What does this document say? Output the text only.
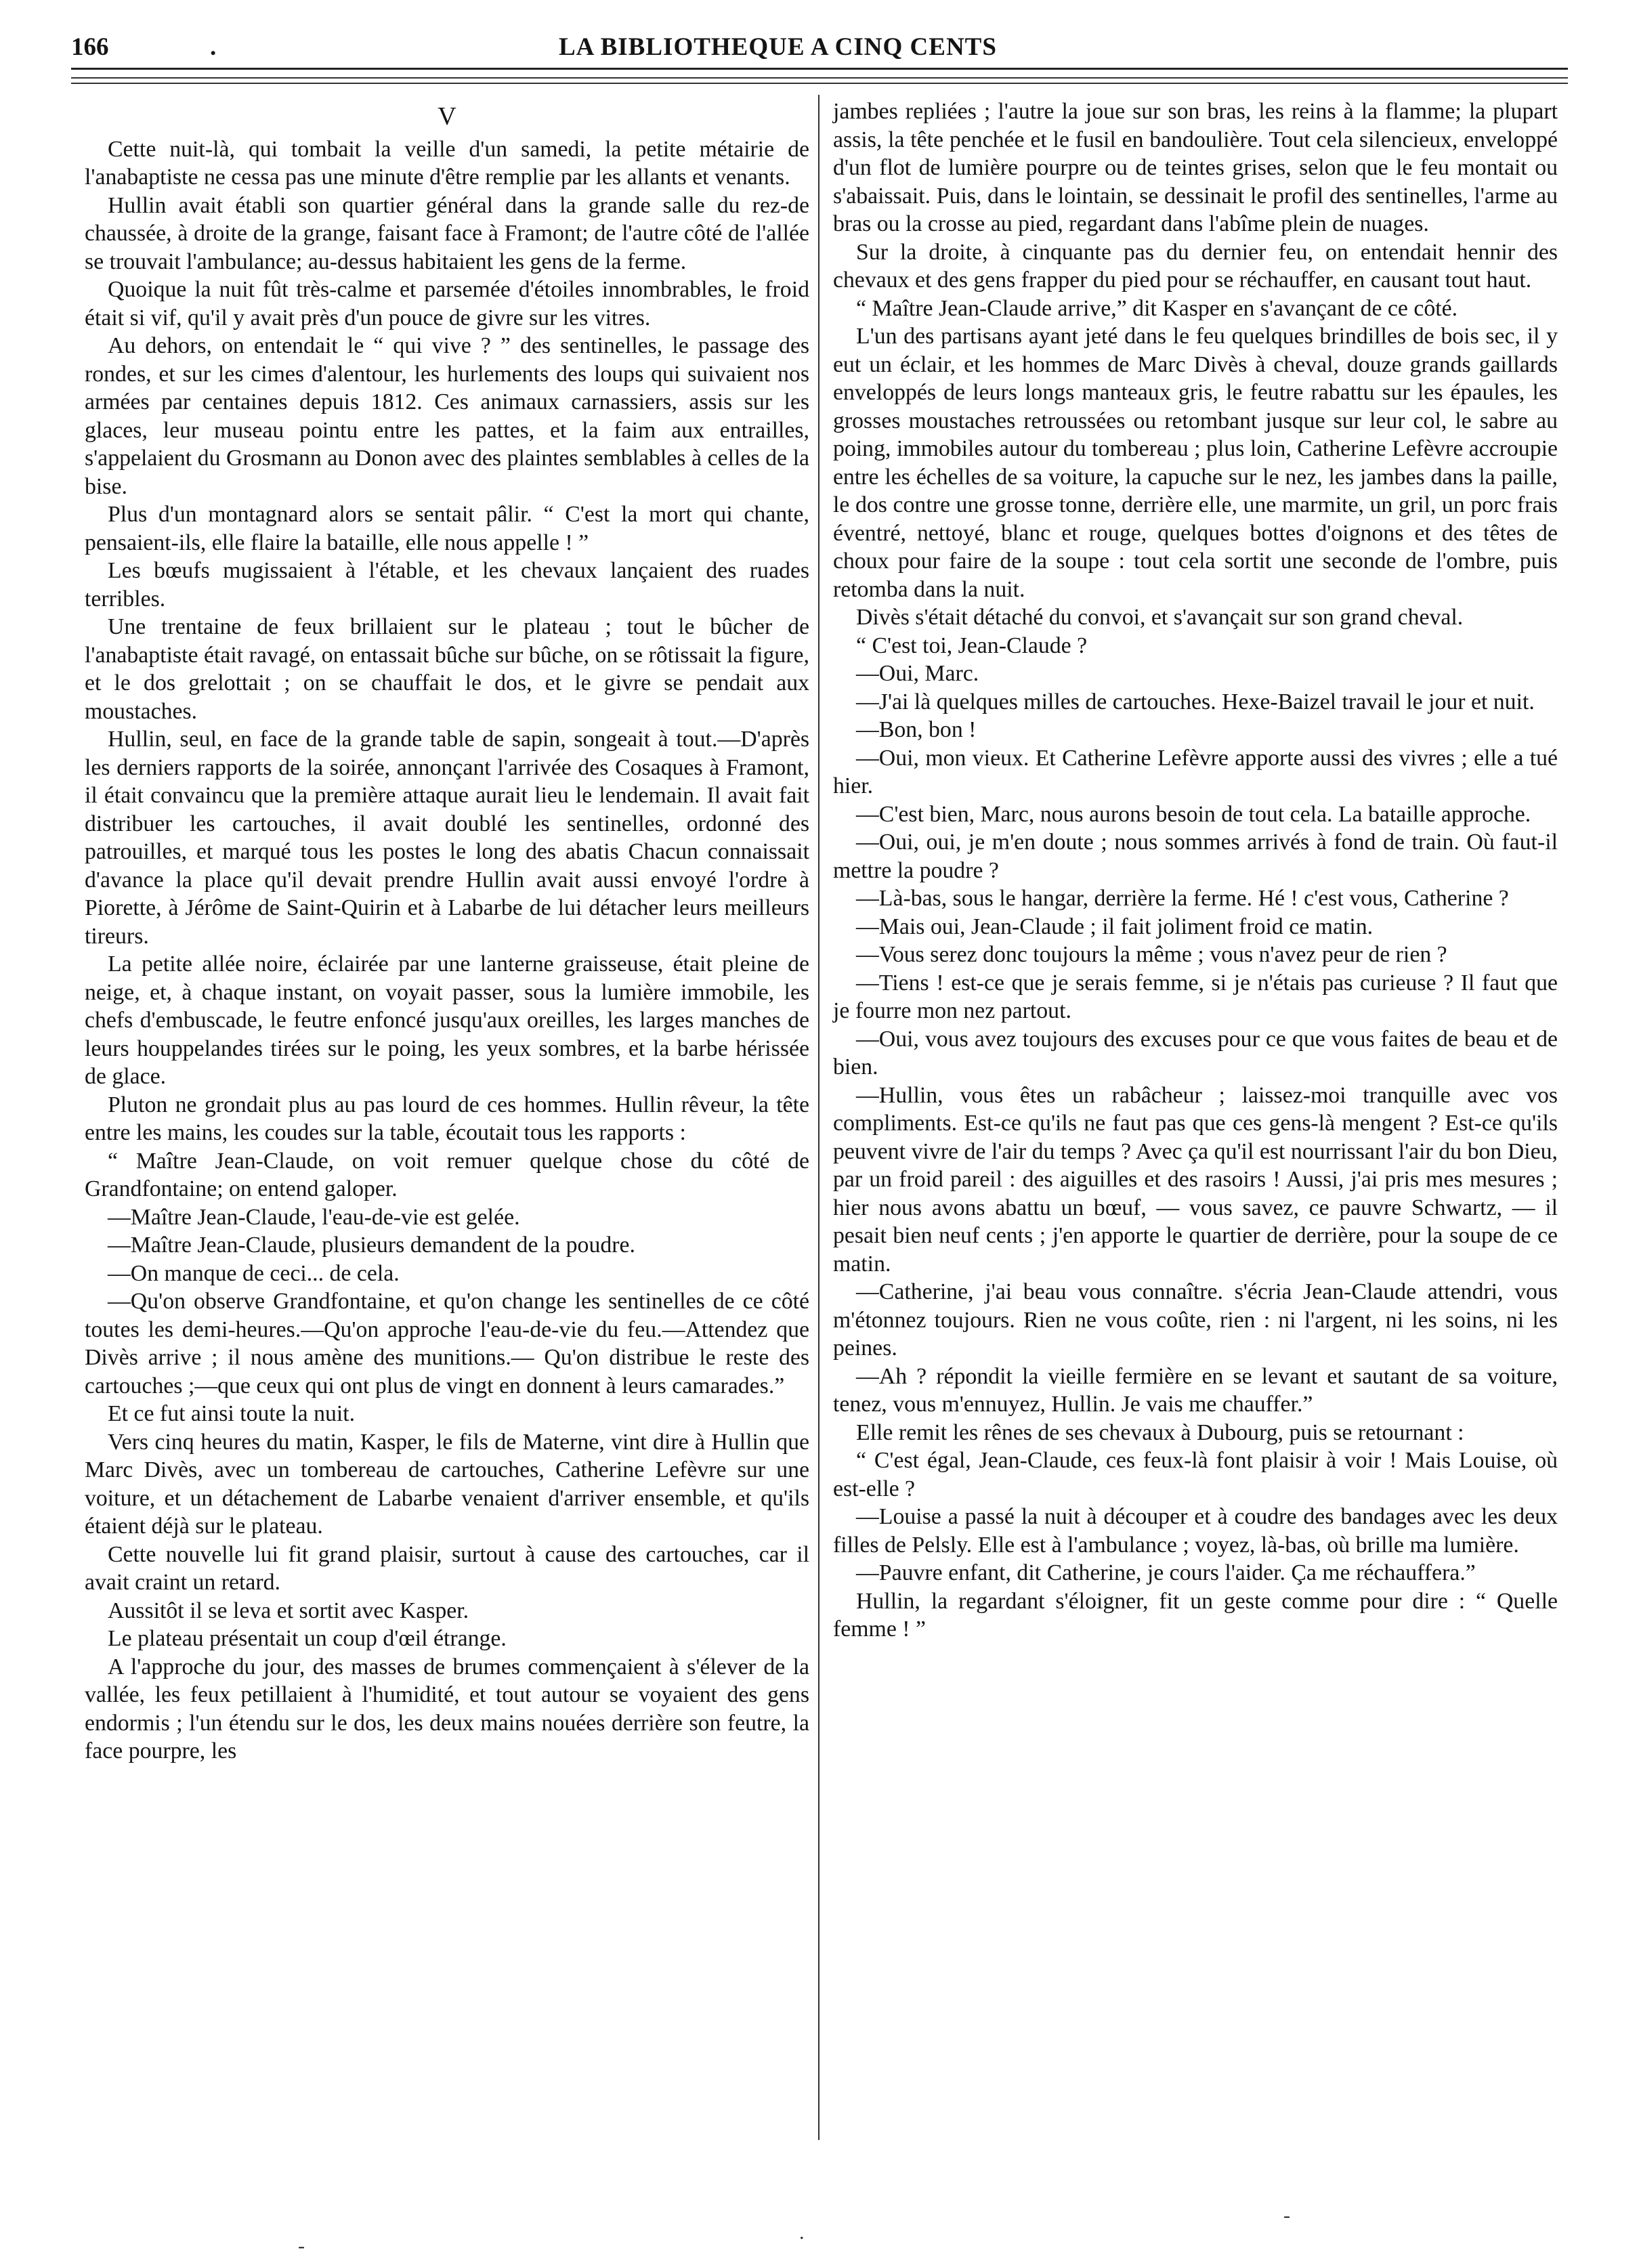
166	.	LA BIBLIOTHEQUE A CINQ CENTS
V

Cette nuit-là, qui tombait la veille d'un samedi, la petite métairie de l'anabaptiste ne cessa pas une minute d'être remplie par les allants et venants.

Hullin avait établi son quartier général dans la grande salle du rez-de chaussée, à droite de la grange, faisant face à Framont; de l'autre côté de l'allée se trouvait l'ambulance; au-dessus habitaient les gens de la ferme.

Quoique la nuit fût très-calme et parsemée d'étoiles innombrables, le froid était si vif, qu'il y avait près d'un pouce de givre sur les vitres.

Au dehors, on entendait le “ qui vive ? ” des sentinelles, le passage des rondes, et sur les cimes d'alentour, les hurlements des loups qui suivaient nos armées par centaines depuis 1812. Ces animaux carnassiers, assis sur les glaces, leur museau pointu entre les pattes, et la faim aux entrailles, s'appelaient du Grosmann au Donon avec des plaintes semblables à celles de la bise.

Plus d'un montagnard alors se sentait pâlir. “ C'est la mort qui chante, pensaient-ils, elle flaire la bataille, elle nous appelle ! ”

Les bœufs mugissaient à l'étable, et les chevaux lançaient des ruades terribles.

Une trentaine de feux brillaient sur le plateau ; tout le bûcher de l'anabaptiste était ravagé, on entassait bûche sur bûche, on se rôtissait la figure, et le dos grelottait ; on se chauffait le dos, et le givre se pendait aux moustaches.

Hullin, seul, en face de la grande table de sapin, songeait à tout.—D'après les derniers rapports de la soirée, annonçant l'arrivée des Cosaques à Framont, il était convaincu que la première attaque aurait lieu le lendemain. Il avait fait distribuer les cartouches, il avait doublé les sentinelles, ordonné des patrouilles, et marqué tous les postes le long des abatis Chacun connaissait d'avance la place qu'il devait prendre Hullin avait aussi envoyé l'ordre à Piorette, à Jérôme de Saint-Quirin et à Labarbe de lui détacher leurs meilleurs tireurs.

La petite allée noire, éclairée par une lanterne graisseuse, était pleine de neige, et, à chaque instant, on voyait passer, sous la lumière immobile, les chefs d'embuscade, le feutre enfoncé jusqu'aux oreilles, les larges manches de leurs houppelandes tirées sur le poing, les yeux sombres, et la barbe hérissée de glace.

Pluton ne grondait plus au pas lourd de ces hommes. Hullin rêveur, la tête entre les mains, les coudes sur la table, écoutait tous les rapports :

“ Maître Jean-Claude, on voit remuer quelque chose du côté de Grandfontaine; on entend galoper.

—Maître Jean-Claude, l'eau-de-vie est gelée.

—Maître Jean-Claude, plusieurs demandent de la poudre.

—On manque de ceci... de cela.

—Qu'on observe Grandfontaine, et qu'on change les sentinelles de ce côté toutes les demi-heures.—Qu'on approche l'eau-de-vie du feu.—Attendez que Divès arrive ; il nous amène des munitions.— Qu'on distribue le reste des cartouches ;—que ceux qui ont plus de vingt en donnent à leurs camarades.”

Et ce fut ainsi toute la nuit.

Vers cinq heures du matin, Kasper, le fils de Materne, vint dire à Hullin que Marc Divès, avec un tombereau de cartouches, Catherine Lefèvre sur une voiture, et un détachement de Labarbe venaient d'arriver ensemble, et qu'ils étaient déjà sur le plateau.

Cette nouvelle lui fit grand plaisir, surtout à cause des cartouches, car il avait craint un retard.

Aussitôt il se leva et sortit avec Kasper.

Le plateau présentait un coup d'œil étrange.

A l'approche du jour, des masses de brumes commençaient à s'élever de la vallée, les feux petillaient à l'humidité, et tout autour se voyaient des gens endormis ; l'un étendu sur le dos, les deux mains nouées derrière son feutre, la face pourpre, les

jambes repliées ; l'autre la joue sur son bras, les reins à la flamme; la plupart assis, la tête penchée et le fusil en bandoulière. Tout cela silencieux, enveloppé d'un flot de lumière pourpre ou de teintes grises, selon que le feu montait ou s'abaissait. Puis, dans le lointain, se dessinait le profil des sentinelles, l'arme au bras ou la crosse au pied, regardant dans l'abîme plein de nuages.

Sur la droite, à cinquante pas du dernier feu, on entendait hennir des chevaux et des gens frapper du pied pour se réchauffer, en causant tout haut.

“ Maître Jean-Claude arrive,” dit Kasper en s'avançant de ce côté.

L'un des partisans ayant jeté dans le feu quelques brindilles de bois sec, il y eut un éclair, et les hommes de Marc Divès à cheval, douze grands gaillards enveloppés de leurs longs manteaux gris, le feutre rabattu sur les épaules, les grosses moustaches retroussées ou retombant jusque sur leur col, le sabre au poing, immobiles autour du tombereau ; plus loin, Catherine Lefèvre accroupie entre les échelles de sa voiture, la capuche sur le nez, les jambes dans la paille, le dos contre une grosse tonne, derrière elle, une marmite, un gril, un porc frais éventré, nettoyé, blanc et rouge, quelques bottes d'oignons et des têtes de choux pour faire de la soupe : tout cela sortit une seconde de l'ombre, puis retomba dans la nuit.

Divès s'était détaché du convoi, et s'avançait sur son grand cheval.

“ C'est toi, Jean-Claude ?

—Oui, Marc.

—J'ai là quelques milles de cartouches. Hexe-Baizel travail le jour et nuit.

—Bon, bon !

—Oui, mon vieux. Et Catherine Lefèvre apporte aussi des vivres ; elle a tué hier.

—C'est bien, Marc, nous aurons besoin de tout cela. La bataille approche.

—Oui, oui, je m'en doute ; nous sommes arrivés à fond de train. Où faut-il mettre la poudre ?

—Là-bas, sous le hangar, derrière la ferme. Hé ! c'est vous, Catherine ?

—Mais oui, Jean-Claude ; il fait joliment froid ce matin.

—Vous serez donc toujours la même ; vous n'avez peur de rien ?

—Tiens ! est-ce que je serais femme, si je n'étais pas curieuse ? Il faut que je fourre mon nez partout.

—Oui, vous avez toujours des excuses pour ce que vous faites de beau et de bien.

—Hullin, vous êtes un rabâcheur ; laissez-moi tranquille avec vos compliments. Est-ce qu'ils ne faut pas que ces gens-là mengent ? Est-ce qu'ils peuvent vivre de l'air du temps ? Avec ça qu'il est nourrissant l'air du bon Dieu, par un froid pareil : des aiguilles et des rasoirs ! Aussi, j'ai pris mes mesures ; hier nous avons abattu un bœuf, — vous savez, ce pauvre Schwartz, — il pesait bien neuf cents ; j'en apporte le quartier de derrière, pour la soupe de ce matin.

—Catherine, j'ai beau vous connaître. s'écria Jean-Claude attendri, vous m'étonnez toujours. Rien ne vous coûte, rien : ni l'argent, ni les soins, ni les peines.

—Ah ? répondit la vieille fermière en se levant et sautant de sa voiture, tenez, vous m'ennuyez, Hullin. Je vais me chauffer.”

Elle remit les rênes de ses chevaux à Dubourg, puis se retournant :

“ C'est égal, Jean-Claude, ces feux-là font plaisir à voir ! Mais Louise, où est-elle ?

—Louise a passé la nuit à découper et à coudre des bandages avec les deux filles de Pelsly. Elle est à l'ambulance ; voyez, là-bas, où brille ma lumière.

—Pauvre enfant, dit Catherine, je cours l'aider. Ça me réchauffera.”

Hullin, la regardant s'éloigner, fit un geste comme pour dire : “ Quelle femme ! ”

-
.
-
